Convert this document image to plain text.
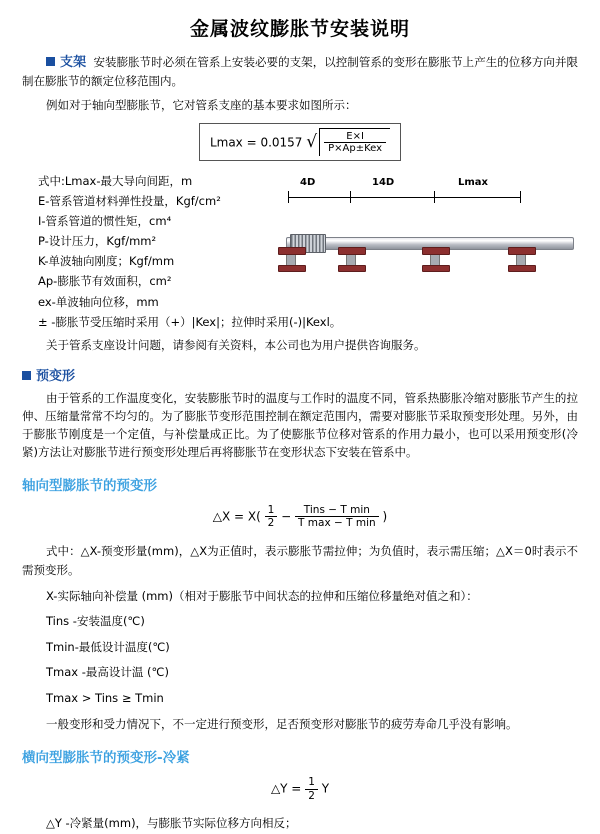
金属波纹膨胀节安装说明

支架 安装膨胀节时必须在管系上安装必要的支架，以控制管系的变形在膨胀节上产生的位移方向并限制在膨胀节的额定位移范围内。

例如对于轴向型膨胀节，它对管系支座的基本要求如图所示：

Lmax = 0.0157 √ $\frac{E\times I}{\text{P×Ap±Kex}}$
式中:Lmax-最大导向间距，m
E-管系管道材料弹性投量，Kgf/cm²
I-管系管道的惯性矩，cm⁴
P-设计压力，Kgf/mm²
K-单波轴向刚度；Kgf/mm
Ap-膨胀节有效面积，cm²
ex-单波轴向位移，mm
4D	14D	Lmax

± -膨胀节受压缩时采用（+）|Kex|；拉伸时采用(-)|Kexl。

关于管系支座设计问题，请参阅有关资料，本公司也为用户提供咨询服务。

预变形

由于管系的工作温度变化，安装膨胀节时的温度与工作时的温度不同，管系热膨胀冷缩对膨胀节产生的拉伸、压缩量常常不均匀的。为了膨胀节变形范围控制在额定范围内，需要对膨胀节采取预变形处理。另外，由于膨胀节刚度是一个定值，与补偿量成正比。为了使膨胀节位移对管系的作用力最小，也可以采用预变形(冷紧)方法让对膨胀节进行预变形处理后再将膨胀节在变形状态下安装在管系中。

轴向型膨胀节的预变形
△X = $X( \frac{1}{2} - \frac{\text{Tins − T min}}{\text{T max − T min}}$ )

式中：△X-预变形量(mm)，△X为正值时，表示膨胀节需拉伸；为负值时，表示需压缩；△X＝0时表示不需预变形。

X-实际轴向补偿量 (mm)（相对于膨胀节中间状态的拉伸和压缩位移量绝对值之和）：

Tins -安装温度(℃)

Tmin-最低设计温度(℃)

Tmax -最高设计温 (℃)

Tmax > Tins ≥ Tmin

一般变形和受力情况下，不一定进行预变形，足否预变形对膨胀节的疲劳寿命几乎没有影响。

横向型膨胀节的预变形-冷紧
△Y = $\frac{1}{2}$ Y

△Y -冷紧量(mm)，与膨胀节实际位移方向相反；
